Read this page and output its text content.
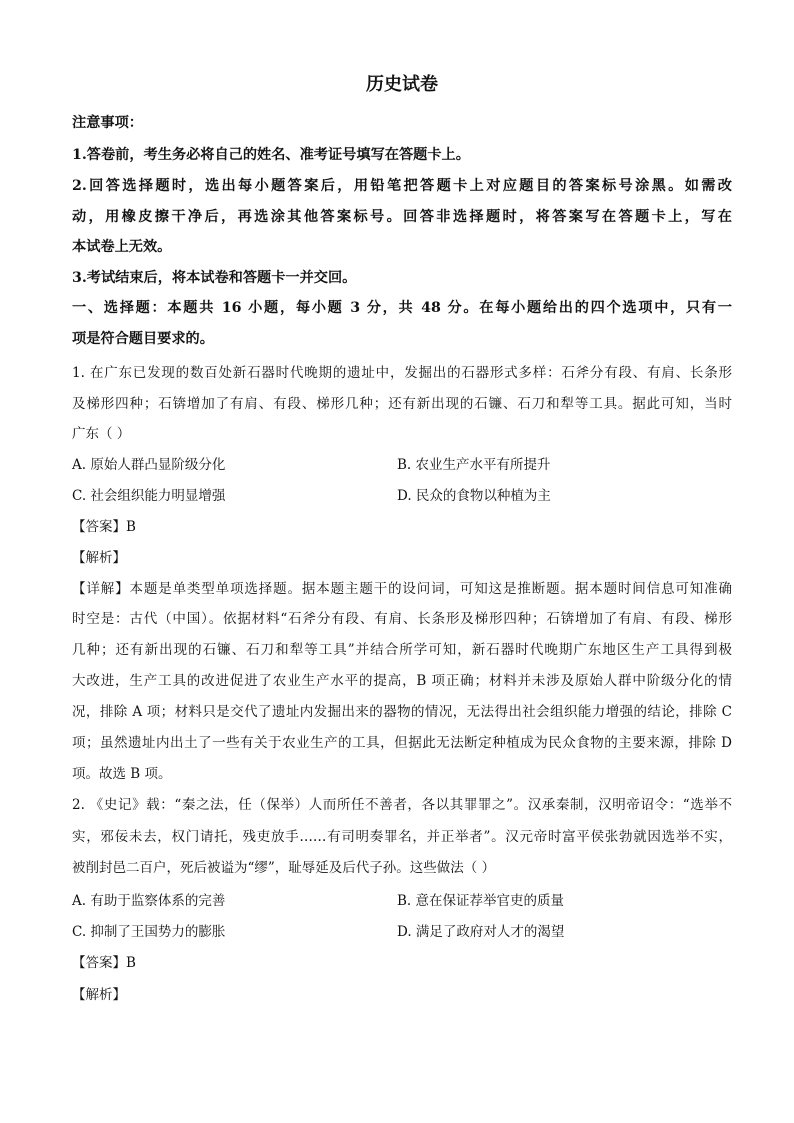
历史试卷
注意事项：
1.答卷前，考生务必将自己的姓名、准考证号填写在答题卡上。
2.回答选择题时，选出每小题答案后，用铅笔把答题卡上对应题目的答案标号涂黑。如需改
动，用橡皮擦干净后，再选涂其他答案标号。回答非选择题时，将答案写在答题卡上，写在
本试卷上无效。
3.考试结束后，将本试卷和答题卡一并交回。
一、选择题：本题共 16 小题，每小题 3 分，共 48 分。在每小题给出的四个选项中，只有一
项是符合题目要求的。
1. 在广东已发现的数百处新石器时代晚期的遗址中，发掘出的石器形式多样：石斧分有段、有肩、长条形
及梯形四种；石锛增加了有肩、有段、梯形几种；还有新出现的石镰、石刀和犁等工具。据此可知，当时
广东（ ）
A. 原始人群凸显阶级分化	B. 农业生产水平有所提升
C. 社会组织能力明显增强	D. 民众的食物以种植为主
【答案】B
【解析】
【详解】本题是单类型单项选择题。据本题主题干的设问词，可知这是推断题。据本题时间信息可知准确
时空是：古代（中国）。依据材料“石斧分有段、有肩、长条形及梯形四种；石锛增加了有肩、有段、梯形
几种；还有新出现的石镰、石刀和犁等工具”并结合所学可知，新石器时代晚期广东地区生产工具得到极
大改进，生产工具的改进促进了农业生产水平的提高，B 项正确；材料并未涉及原始人群中阶级分化的情
况，排除 A 项；材料只是交代了遗址内发掘出来的器物的情况，无法得出社会组织能力增强的结论，排除 C
项；虽然遗址内出土了一些有关于农业生产的工具，但据此无法断定种植成为民众食物的主要来源，排除 D
项。故选 B 项。
2. 《史记》载：“秦之法，任（保举）人而所任不善者，各以其罪罪之”。汉承秦制，汉明帝诏令：“选举不
实，邪佞未去，权门请托，残吏放手……有司明奏罪名，并正举者”。汉元帝时富平侯张勃就因选举不实，
被削封邑二百户，死后被谥为“缪”，耻辱延及后代子孙。这些做法（ ）
A. 有助于监察体系的完善	B. 意在保证荐举官吏的质量
C. 抑制了王国势力的膨胀	D. 满足了政府对人才的渴望
【答案】B
【解析】
